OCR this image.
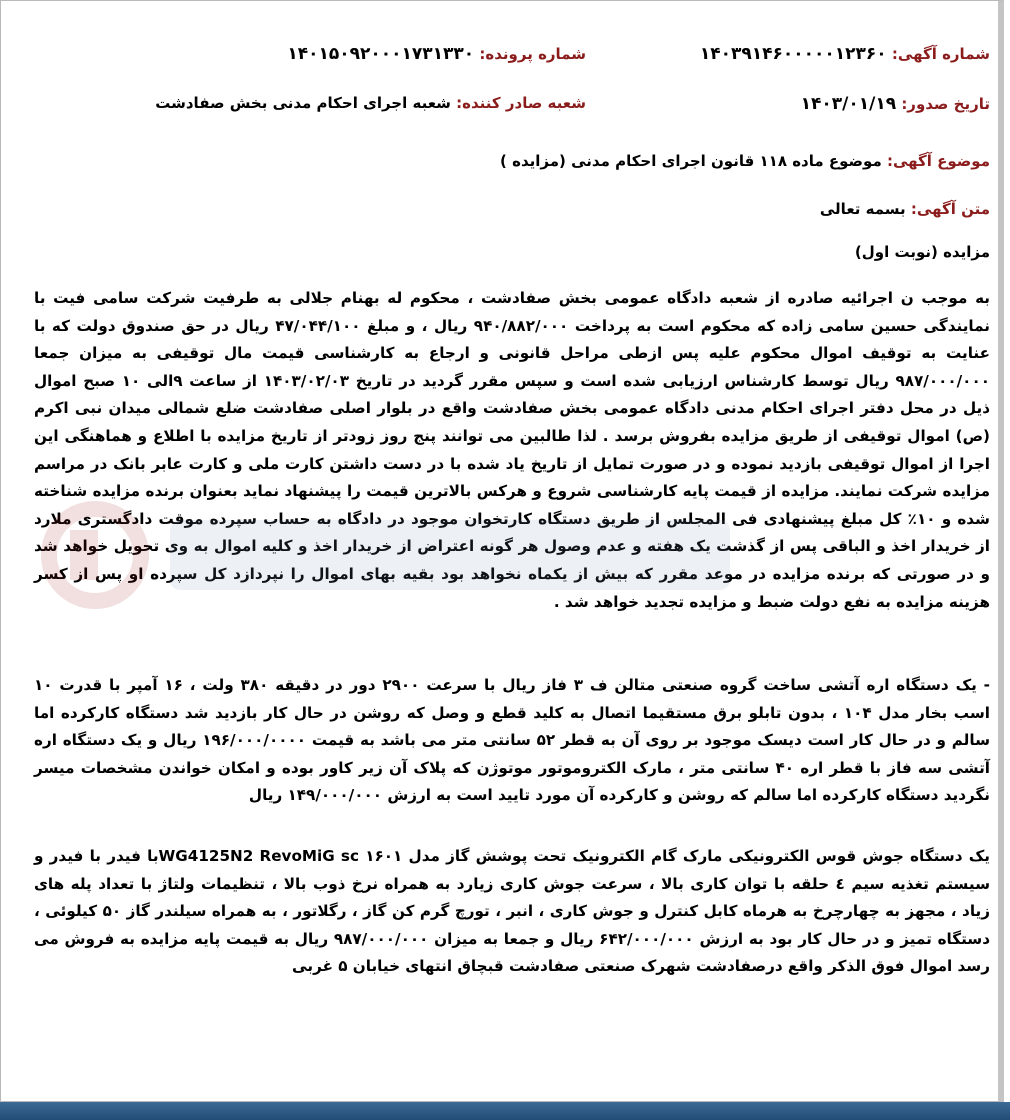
شماره آگهی: ۱۴۰۳۹۱۴۶۰۰۰۰۰۱۲۳۶۰
شماره پرونده: ۱۴۰۱۵۰۹۲۰۰۰۱۷۳۱۳۳۰
تاریخ صدور: ۱۴۰۳/۰۱/۱۹
شعبه صادر کننده: شعبه اجرای احکام مدنی بخش صفادشت
موضوع آگهی: موضوع ماده ۱۱۸ قانون اجرای احکام مدنی (مزایده )
متن آگهی: بسمه تعالی
مزایده (نوبت اول)
به موجب ن اجرائیه صادره از شعبه دادگاه عمومی بخش صفادشت ، محکوم له بهنام جلالی به طرفیت شرکت سامی فیت با نمایندگی حسین سامی زاده که محکوم است به پرداخت ۹۴۰/۸۸۲/۰۰۰ ریال ، و مبلغ ۴۷/۰۴۴/۱۰۰ ریال در حق صندوق دولت که با عنایت به توقیف اموال محکوم علیه پس ازطی مراحل قانونی و ارجاع به کارشناسی قیمت مال توقیفی به میزان جمعا ۹۸۷/۰۰۰/۰۰۰ ریال توسط کارشناس ارزیابی شده است و سپس مقرر گردید در تاریخ ۱۴۰۳/۰۲/۰۳ از ساعت ۹الی ۱۰ صبح اموال ذیل در محل دفتر اجرای احکام مدنی دادگاه عمومی بخش صفادشت واقع در بلوار اصلی صفادشت ضلع شمالی میدان نبی اکرم (ص) اموال توقیفی از طریق مزایده بفروش برسد . لذا طالبین می توانند پنج روز زودتر از تاریخ مزایده با اطلاع و هماهنگی این اجرا از اموال توقیفی بازدید نموده و در صورت تمایل از تاریخ یاد شده با در دست داشتن کارت ملی و کارت عابر بانک در مراسم مزایده شرکت نمایند. مزایده از قیمت پایه کارشناسی شروع و هرکس بالاترین قیمت را پیشنهاد نماید بعنوان برنده مزایده شناخته شده و ۱۰٪ کل مبلغ پیشنهادی فی المجلس از طریق دستگاه کارتخوان موجود در دادگاه به حساب سپرده موقت دادگستری ملارد از خریدار اخذ و الباقی پس از گذشت یک هفته و عدم وصول هر گونه اعتراض از خریدار اخذ و کلیه اموال به وی تحویل خواهد شد و در صورتی که برنده مزایده در موعد مقرر که بیش از یکماه نخواهد بود بقیه بهای اموال را نپردازد کل سپرده او پس از کسر هزینه مزایده به نفع دولت ضبط و مزایده تجدید خواهد شد .
- یک دستگاه اره آتشی ساخت گروه صنعتی متالن ف ۳ فاز ریال با سرعت ۲۹۰۰ دور در دقیقه ۳۸۰ ولت ، ۱۶ آمپر با قدرت ۱۰ اسب بخار مدل ۱۰۴ ، بدون تابلو برق مستقیما اتصال به کلید قطع و وصل که روشن در حال کار بازدید شد دستگاه کارکرده اما سالم و در حال کار است دیسک موجود بر روی آن به قطر ۵۲ سانتی متر می باشد به قیمت ۱۹۶/۰۰۰/۰۰۰۰ ریال و یک دستگاه اره آتشی سه فاز با قطر اره ۴۰ سانتی متر ، مارک الکتروموتور موتوژن که پلاک آن زیر کاور بوده و امکان خواندن مشخصات میسر نگردید دستگاه کارکرده اما سالم که روشن و کارکرده آن مورد تایید است به ارزش ۱۴۹/۰۰۰/۰۰۰ ریال
یک دستگاه جوش قوس الکترونیکی مارک گام الکترونیک تحت پوشش گاز مدل ۱۶۰۱ WG4125N2 RevoMiG scبا فیدر با فیدر و سیستم تغذیه سیم ٤ حلقه با توان کاری بالا ، سرعت جوش کاری زیارد به همراه نرخ ذوب بالا ، تنظیمات ولتاژ با تعداد پله های زیاد ، مجهز به چهارچرخ به هرماه کابل کنترل و جوش کاری ، انبر ، تورچ گرم کن گاز ، رگلاتور ، به همراه سیلندر گاز ۵۰ کیلوئی ، دستگاه تمیز و در حال کار بود به ارزش ۶۴۲/۰۰۰/۰۰۰ ریال و جمعا به میزان ۹۸۷/۰۰۰/۰۰۰ ریال به قیمت پایه مزایده به فروش می رسد اموال فوق الذکر واقع درصفادشت شهرک صنعتی صفادشت قبچاق انتهای خیابان ۵ غربی
